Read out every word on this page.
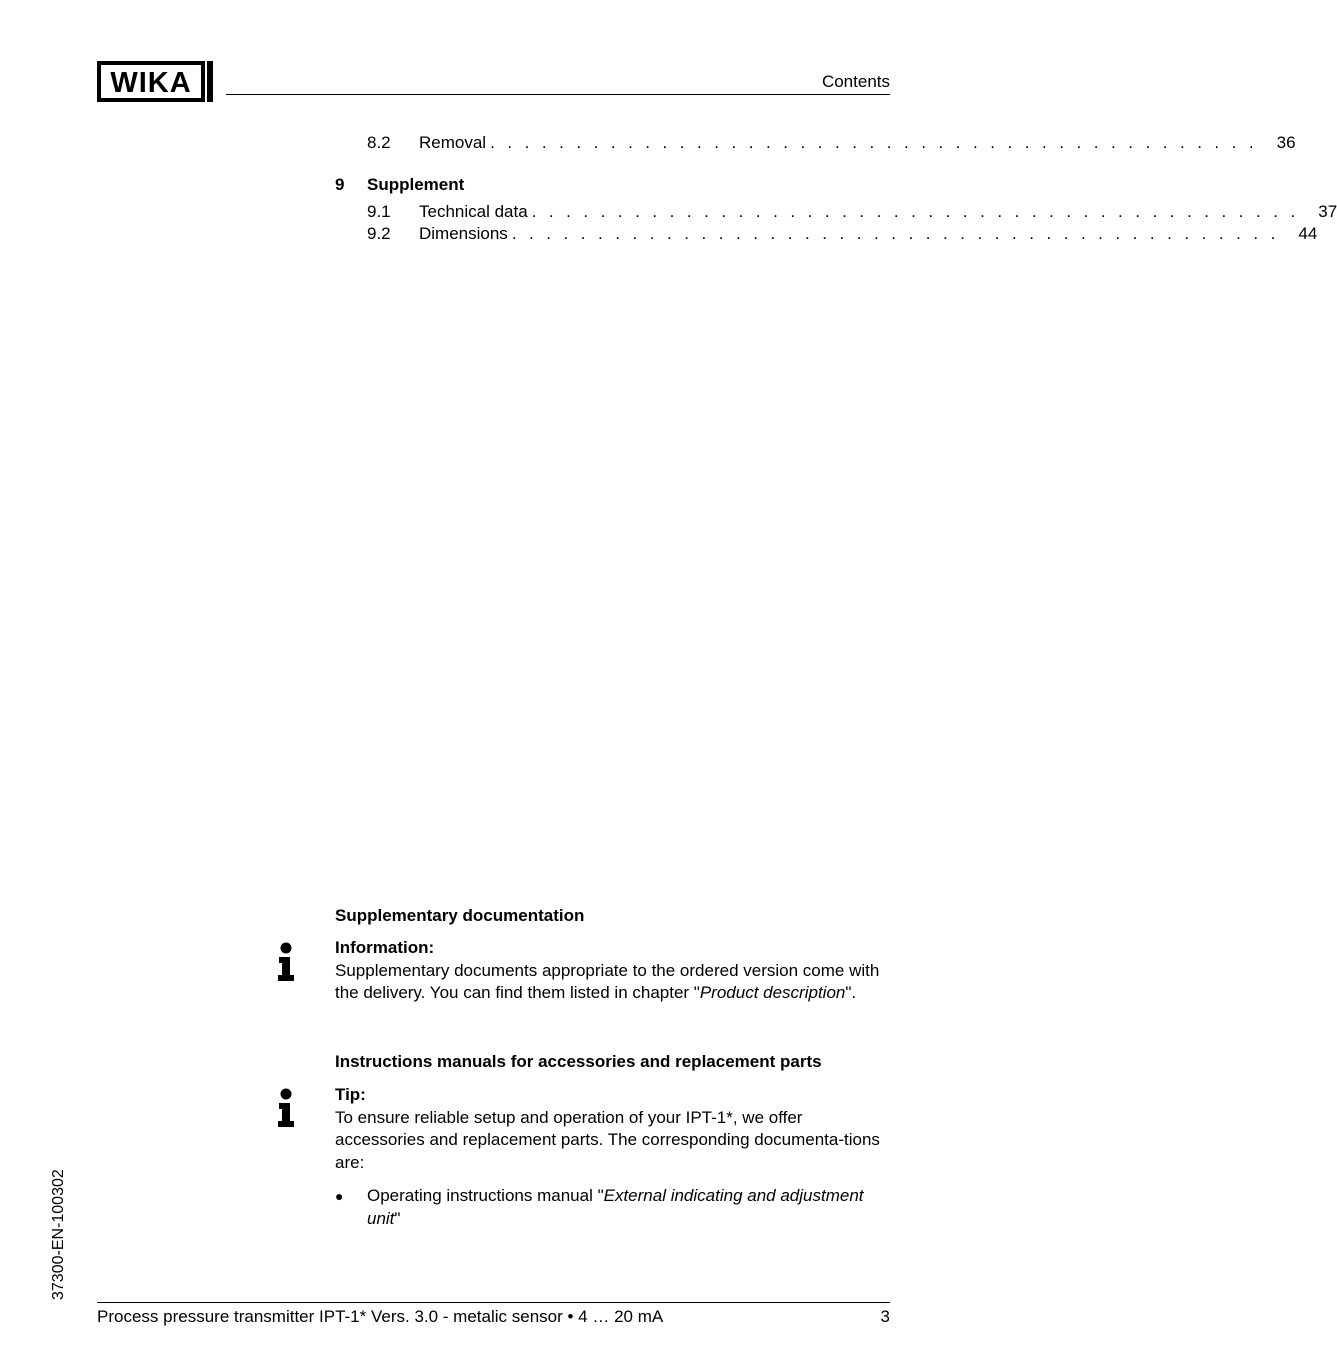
WIKA	Contents
8.2	Removal . . . . . . . . . . . . . . . . . . . . . . . . . . . . . . . . . . . . . . . . . . . . .	36
9	Supplement
9.1	Technical data . . . . . . . . . . . . . . . . . . . . . . . . . . . . . . . . . . . . . . . . . . . . .	37
9.2	Dimensions . . . . . . . . . . . . . . . . . . . . . . . . . . . . . . . . . . . . . . . . . . . . .	44
Supplementary documentation
Information:
Supplementary documents appropriate to the ordered version come with the delivery. You can find them listed in chapter "Product description".
Instructions manuals for accessories and replacement parts
Tip:
To ensure reliable setup and operation of your IPT-1*, we offer accessories and replacement parts. The corresponding documenta-tions are:
●	Operating instructions manual "External indicating and adjustment unit"
37300-EN-100302
Process pressure transmitter IPT-1* Vers. 3.0 - metalic sensor • 4 … 20 mA	3
